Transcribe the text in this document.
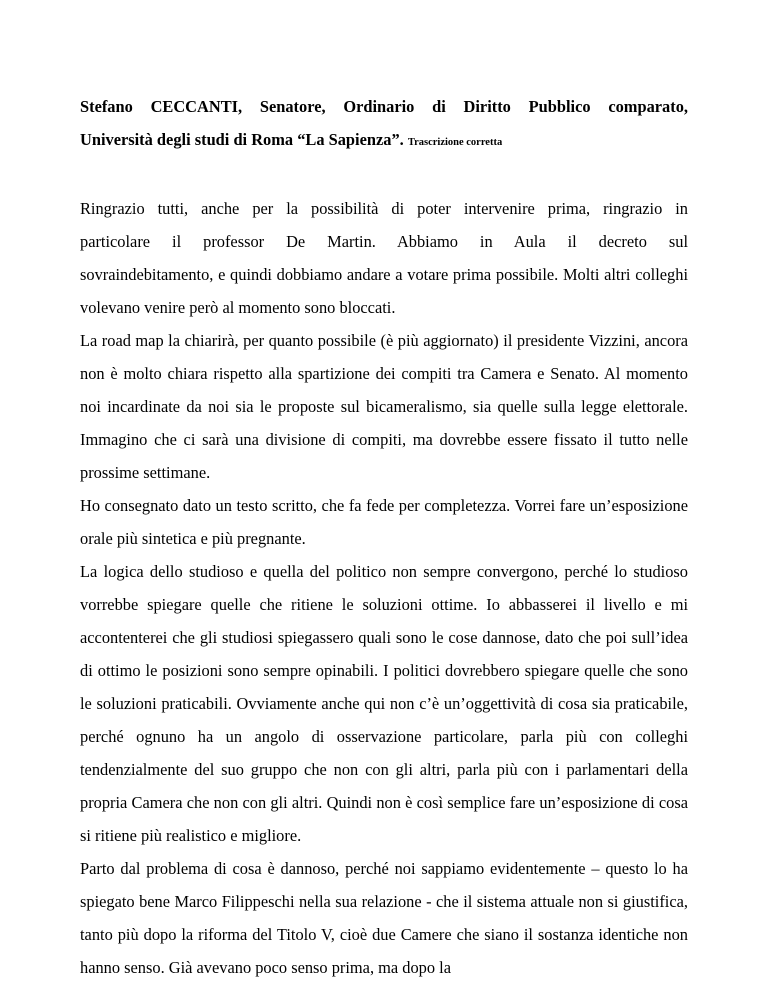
Stefano CECCANTI, Senatore, Ordinario di Diritto Pubblico comparato,
Università degli studi di Roma “La Sapienza”. Trascrizione corretta

Ringrazio tutti, anche per la possibilità di poter intervenire prima, ringrazio in
particolare il professor De Martin. Abbiamo in Aula il decreto sul
sovraindebitamento, e quindi dobbiamo andare a votare prima possibile. Molti altri colleghi volevano venire però al momento sono bloccati.

La road map la chiarirà, per quanto possibile (è più aggiornato) il presidente Vizzini, ancora non è molto chiara rispetto alla spartizione dei compiti tra Camera e Senato. Al momento noi incardinate da noi sia le proposte sul bicameralismo, sia quelle sulla legge elettorale. Immagino che ci sarà una divisione di compiti, ma dovrebbe essere fissato il tutto nelle prossime settimane.

Ho consegnato dato un testo scritto, che fa fede per completezza. Vorrei fare un’esposizione orale più sintetica e più pregnante.

La logica dello studioso e quella del politico non sempre convergono, perché lo studioso vorrebbe spiegare quelle che ritiene le soluzioni ottime. Io abbasserei il livello e mi accontenterei che gli studiosi spiegassero quali sono le cose dannose, dato che poi sull’idea di ottimo le posizioni sono sempre opinabili. I politici dovrebbero spiegare quelle che sono le soluzioni praticabili. Ovviamente anche qui non c’è un’oggettività di cosa sia praticabile, perché ognuno ha un angolo di osservazione particolare, parla più con colleghi tendenzialmente del suo gruppo che non con gli altri, parla più con i parlamentari della propria Camera che non con gli altri. Quindi non è così semplice fare un’esposizione di cosa si ritiene più realistico e migliore.

Parto dal problema di cosa è dannoso, perché noi sappiamo evidentemente – questo lo ha spiegato bene Marco Filippeschi nella sua relazione - che il sistema attuale non si giustifica, tanto più dopo la riforma del Titolo V, cioè due Camere che siano il sostanza identiche non hanno senso. Già avevano poco senso prima, ma dopo la
